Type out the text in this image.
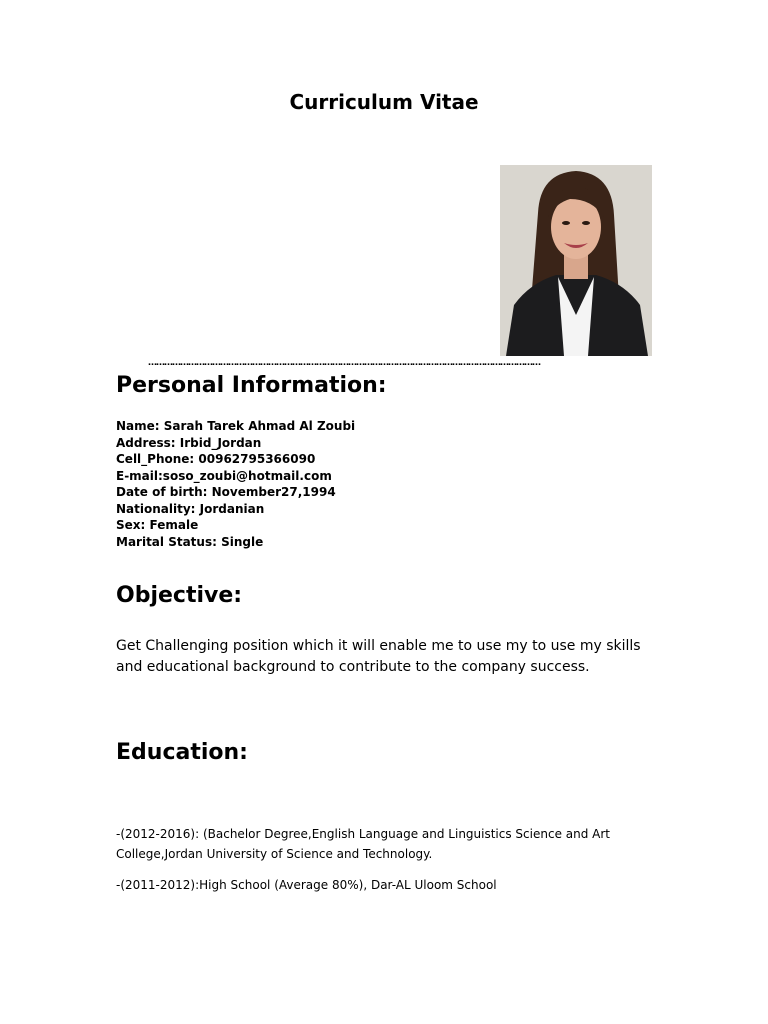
Curriculum Vitae
…………………………………………………………………………………………………………………………………
Personal Information:
Name: Sarah Tarek Ahmad Al Zoubi
Address: Irbid_Jordan
Cell_Phone: 00962795366090
E-mail:soso_zoubi@hotmail.com
Date of birth: November27,1994
Nationality: Jordanian
Sex: Female
Marital Status: Single
Objective:
Get Challenging position which it will enable me to use my to use my skills and educational background to contribute to the company success.
Education:
-(2012-2016): (Bachelor Degree,English Language and Linguistics Science and Art College,Jordan University of Science and Technology.
-(2011-2012):High School (Average 80%), Dar-AL Uloom School
